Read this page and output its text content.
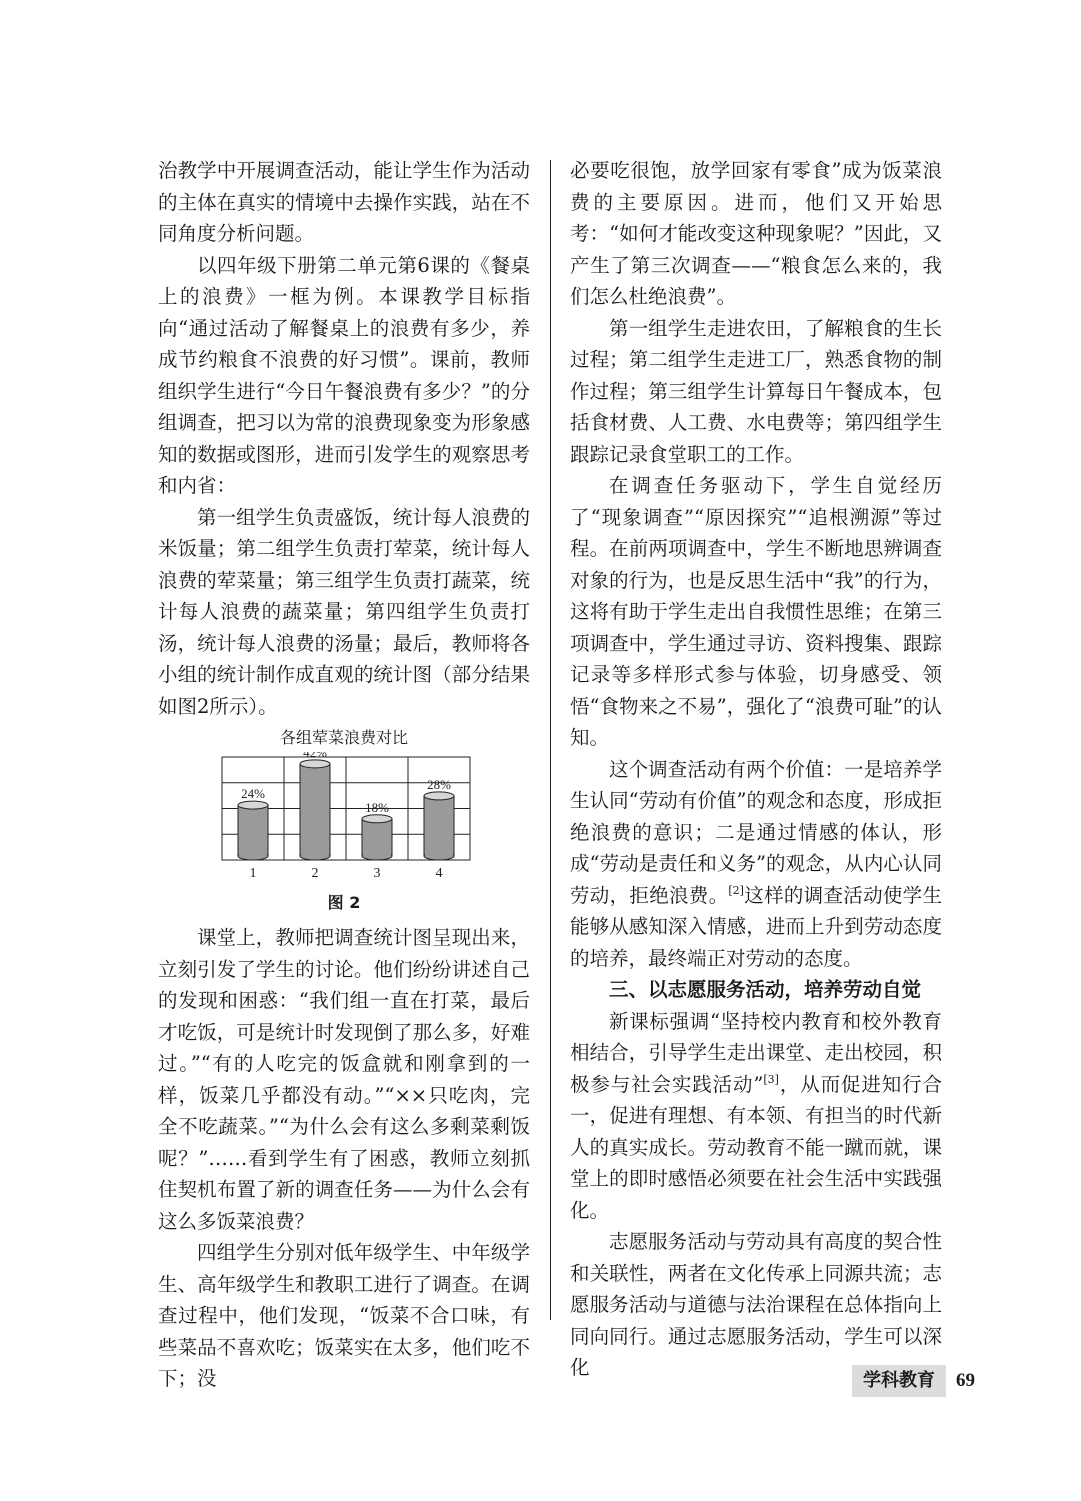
治教学中开展调查活动，能让学生作为活动的主体在真实的情境中去操作实践，站在不同角度分析问题。

以四年级下册第二单元第6课的《餐桌上的浪费》一框为例。本课教学目标指向“通过活动了解餐桌上的浪费有多少，养成节约粮食不浪费的好习惯”。课前，教师组织学生进行“今日午餐浪费有多少？”的分组调查，把习以为常的浪费现象变为形象感知的数据或图形，进而引发学生的观察思考和内省：

第一组学生负责盛饭，统计每人浪费的米饭量；第二组学生负责打荤菜，统计每人浪费的荤菜量；第三组学生负责打蔬菜，统计每人浪费的蔬菜量；第四组学生负责打汤，统计每人浪费的汤量；最后，教师将各小组的统计制作成直观的统计图（部分结果如图2所示）。

各组荤菜浪费对比
24%
42%
18%
28%
1	2	3	4
图 2

课堂上，教师把调查统计图呈现出来，立刻引发了学生的讨论。他们纷纷讲述自己的发现和困惑：“我们组一直在打菜，最后才吃饭，可是统计时发现倒了那么多，好难过。”“有的人吃完的饭盒就和刚拿到的一样，饭菜几乎都没有动。”“××只吃肉，完全不吃蔬菜。”“为什么会有这么多剩菜剩饭呢？”……看到学生有了困惑，教师立刻抓住契机布置了新的调查任务——为什么会有这么多饭菜浪费？

四组学生分别对低年级学生、中年级学生、高年级学生和教职工进行了调查。在调查过程中，他们发现，“饭菜不合口味，有些菜品不喜欢吃；饭菜实在太多，他们吃不下；没

必要吃很饱，放学回家有零食”成为饭菜浪费的主要原因。进而，他们又开始思考：“如何才能改变这种现象呢？”因此，又产生了第三次调查——“粮食怎么来的，我们怎么杜绝浪费”。

第一组学生走进农田，了解粮食的生长过程；第二组学生走进工厂，熟悉食物的制作过程；第三组学生计算每日午餐成本，包括食材费、人工费、水电费等；第四组学生跟踪记录食堂职工的工作。

在调查任务驱动下，学生自觉经历了“现象调查”“原因探究”“追根溯源”等过程。在前两项调查中，学生不断地思辨调查对象的行为，也是反思生活中“我”的行为，这将有助于学生走出自我惯性思维；在第三项调查中，学生通过寻访、资料搜集、跟踪记录等多样形式参与体验，切身感受、领悟“食物来之不易”，强化了“浪费可耻”的认知。

这个调查活动有两个价值：一是培养学生认同“劳动有价值”的观念和态度，形成拒绝浪费的意识；二是通过情感的体认，形成“劳动是责任和义务”的观念，从内心认同劳动，拒绝浪费。[2]这样的调查活动使学生能够从感知深入情感，进而上升到劳动态度的培养，最终端正对劳动的态度。

三、以志愿服务活动，培养劳动自觉

新课标强调“坚持校内教育和校外教育相结合，引导学生走出课堂、走出校园，积极参与社会实践活动”[3]，从而促进知行合一，促进有理想、有本领、有担当的时代新人的真实成长。劳动教育不能一蹴而就，课堂上的即时感悟必须要在社会生活中实践强化。

志愿服务活动与劳动具有高度的契合性和关联性，两者在文化传承上同源共流；志愿服务活动与道德与法治课程在总体指向上同向同行。通过志愿服务活动，学生可以深化

学科教育	69
